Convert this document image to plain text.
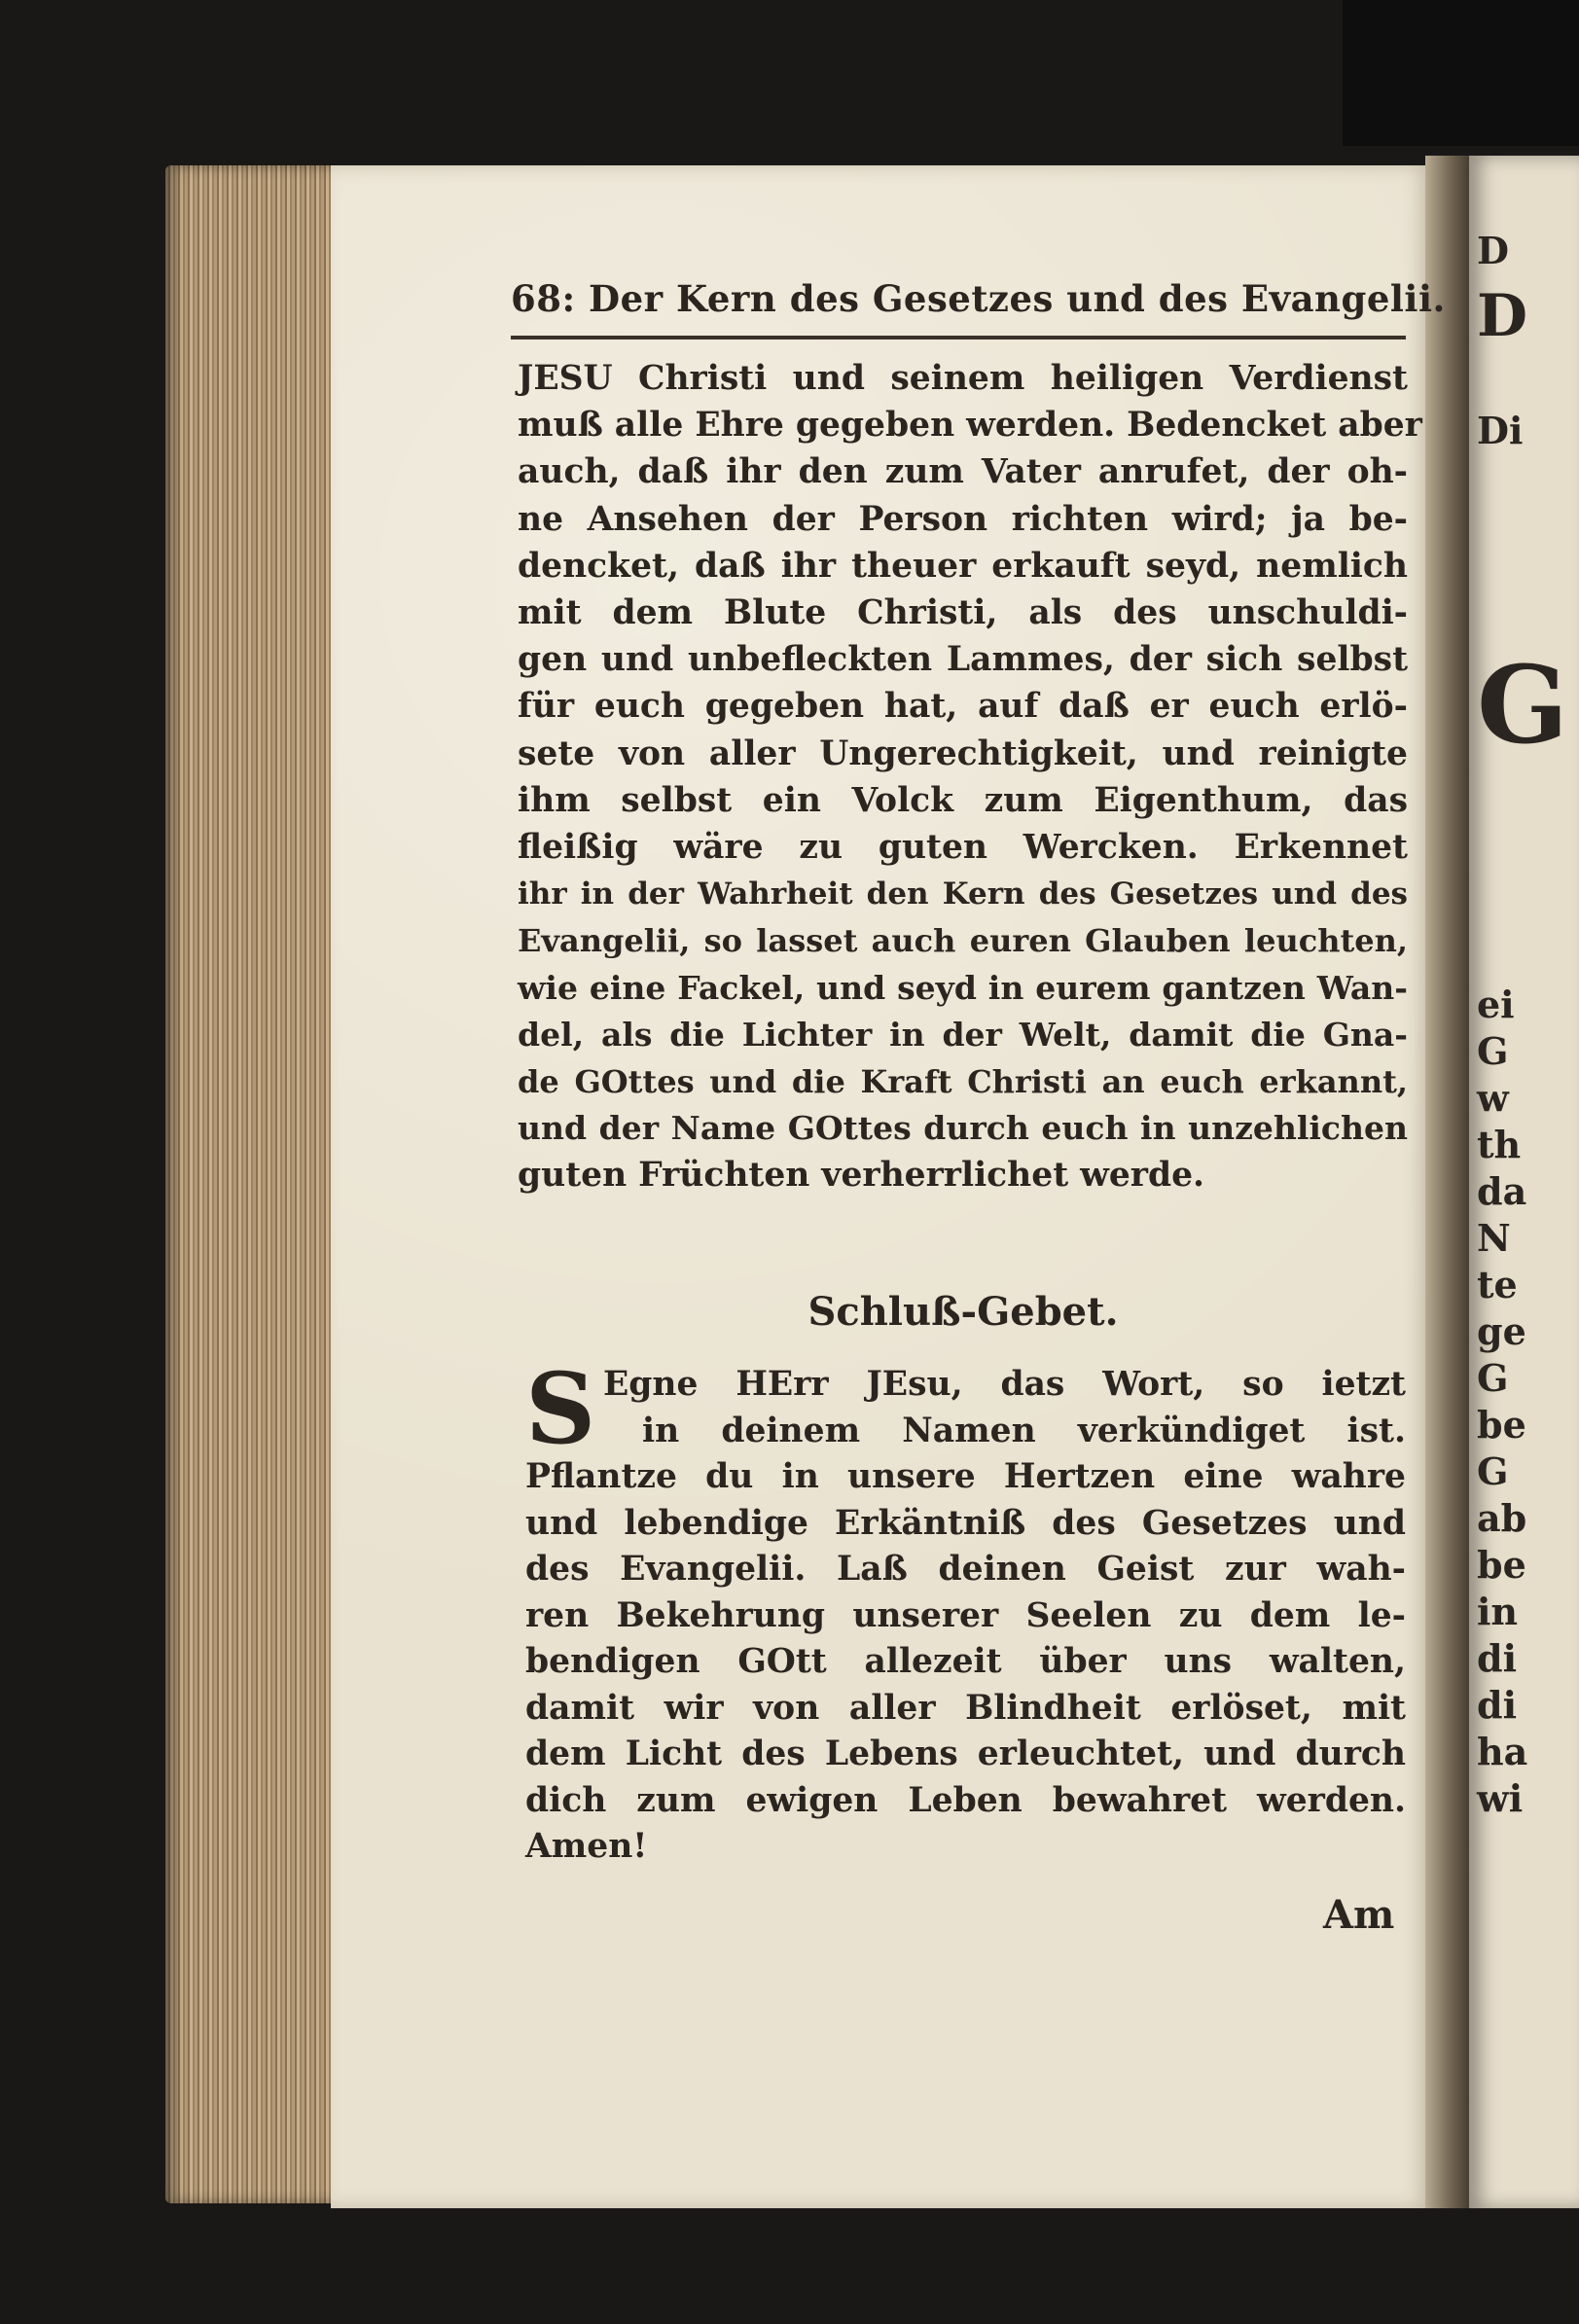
D
D
Di
G
ei
G
w
th
da
N
te
ge
G
be
G
ab
be
in
di
di
ha
wi
68: Der Kern des Gesetzes und des Evangelii.
JESU Christi und seinem heiligen Verdienst
muß alle Ehre gegeben werden. Bedencket aber
auch, daß ihr den zum Vater anrufet, der oh-
ne Ansehen der Person richten wird; ja be-
dencket, daß ihr theuer erkauft seyd, nemlich
mit dem Blute Christi, als des unschuldi-
gen und unbefleckten Lammes, der sich selbst
für euch gegeben hat, auf daß er euch erlö-
sete von aller Ungerechtigkeit, und reinigte
ihm selbst ein Volck zum Eigenthum, das
fleißig wäre zu guten Wercken. Erkennet
ihr in der Wahrheit den Kern des Gesetzes und des
Evangelii, so lasset auch euren Glauben leuchten,
wie eine Fackel, und seyd in eurem gantzen Wan-
del, als die Lichter in der Welt, damit die Gna-
de GOttes und die Kraft Christi an euch erkannt,
und der Name GOttes durch euch in unzehlichen
guten Früchten verherrlichet werde.
Schluß-Gebet.
S Egne HErr JEsu, das Wort, so ietzt
in deinem Namen verkündiget ist.
Pflantze du in unsere Hertzen eine wahre
und lebendige Erkäntniß des Gesetzes und
des Evangelii. Laß deinen Geist zur wah-
ren Bekehrung unserer Seelen zu dem le-
bendigen GOtt allezeit über uns walten,
damit wir von aller Blindheit erlöset, mit
dem Licht des Lebens erleuchtet, und durch
dich zum ewigen Leben bewahret werden.
Amen!
Am
